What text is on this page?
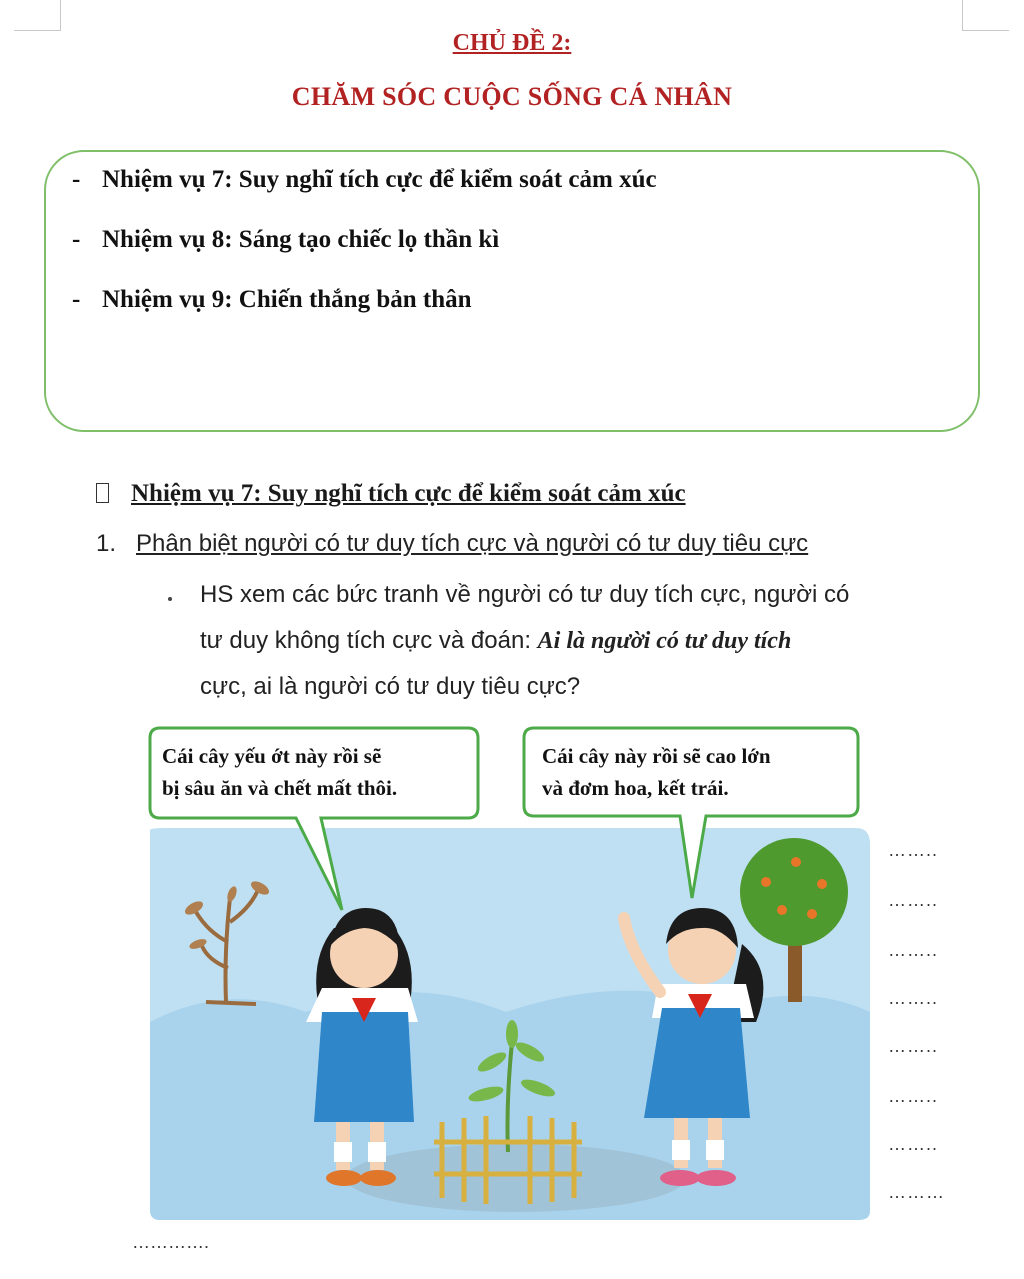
CHỦ ĐỀ 2:
CHĂM SÓC CUỘC SỐNG CÁ NHÂN
- Nhiệm vụ 7: Suy nghĩ tích cực để kiểm soát cảm xúc
- Nhiệm vụ 8: Sáng tạo chiếc lọ thần kì
- Nhiệm vụ 9: Chiến thắng bản thân
Nhiệm vụ 7: Suy nghĩ tích cực để kiểm soát cảm xúc
1. Phân biệt người có tư duy tích cực và người có tư duy tiêu cực
HS xem các bức tranh về người có tư duy tích cực, người có
tư duy không tích cực và đoán: Ai là người có tư duy tích
cực, ai là người có tư duy tiêu cực?
Cái cây yếu ớt này rồi sẽ
bị sâu ăn và chết mất thôi.
Cái cây này rồi sẽ cao lớn
và đơm hoa, kết trái.
……..
……..
……..
……..
……..
……..
……..
………
………….
